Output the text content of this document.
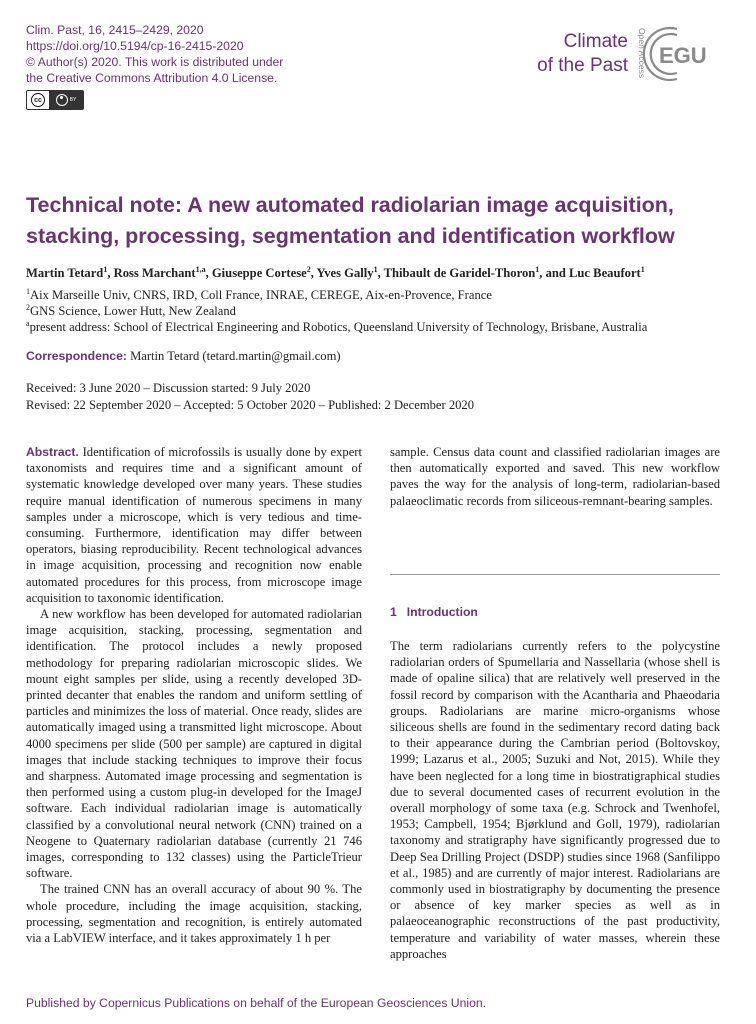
Clim. Past, 16, 2415–2429, 2020
https://doi.org/10.5194/cp-16-2415-2020
© Author(s) 2020. This work is distributed under
the Creative Commons Attribution 4.0 License.
cc	BY
Climate
of the Past Open Access EGU
Technical note: A new automated radiolarian image acquisition,
stacking, processing, segmentation and identification workflow
Martin Tetard$^1$, Ross Marchant$^{1,a}$, Giuseppe Cortese$^2$, Yves Gally$^1$, Thibault de Garidel-Thoron$^1$, and Luc Beaufort$^1$
$^1$Aix Marseille Univ, CNRS, IRD, Coll France, INRAE, CEREGE, Aix-en-Provence, France
$^2$GNS Science, Lower Hutt, New Zealand
$^a$present address: School of Electrical Engineering and Robotics, Queensland University of Technology, Brisbane, Australia
Correspondence: Martin Tetard (tetard.martin@gmail.com)
Received: 3 June 2020 – Discussion started: 9 July 2020
Revised: 22 September 2020 – Accepted: 5 October 2020 – Published: 2 December 2020

Abstract. Identification of microfossils is usually done by expert taxonomists and requires time and a significant amount of systematic knowledge developed over many years. These studies require manual identification of numerous specimens in many samples under a microscope, which is very tedious and time-consuming. Furthermore, identification may differ between operators, biasing reproducibility. Recent technological advances in image acquisition, processing and recognition now enable automated procedures for this process, from microscope image acquisition to taxonomic identification.

A new workflow has been developed for automated radiolarian image acquisition, stacking, processing, segmentation and identification. The protocol includes a newly proposed methodology for preparing radiolarian microscopic slides. We mount eight samples per slide, using a recently developed 3D-printed decanter that enables the random and uniform settling of particles and minimizes the loss of material. Once ready, slides are automatically imaged using a transmitted light microscope. About 4000 specimens per slide (500 per sample) are captured in digital images that include stacking techniques to improve their focus and sharpness. Automated image processing and segmentation is then performed using a custom plug-in developed for the ImageJ software. Each individual radiolarian image is automatically classified by a convolutional neural network (CNN) trained on a Neogene to Quaternary radiolarian database (currently 21 746 images, corresponding to 132 classes) using the ParticleTrieur software.

The trained CNN has an overall accuracy of about 90 %. The whole procedure, including the image acquisition, stacking, processing, segmentation and recognition, is entirely automated via a LabVIEW interface, and it takes approximately 1 h per

sample. Census data count and classified radiolarian images are then automatically exported and saved. This new workflow paves the way for the analysis of long-term, radiolarian-based palaeoclimatic records from siliceous-remnant-bearing samples.

1 Introduction

The term radiolarians currently refers to the polycystine radiolarian orders of Spumellaria and Nassellaria (whose shell is made of opaline silica) that are relatively well preserved in the fossil record by comparison with the Acantharia and Phaeodaria groups. Radiolarians are marine micro-organisms whose siliceous shells are found in the sedimentary record dating back to their appearance during the Cambrian period (Boltovskoy, 1999; Lazarus et al., 2005; Suzuki and Not, 2015). While they have been neglected for a long time in biostratigraphical studies due to several documented cases of recurrent evolution in the overall morphology of some taxa (e.g. Schrock and Twenhofel, 1953; Campbell, 1954; Bjørklund and Goll, 1979), radiolarian taxonomy and stratigraphy have significantly progressed due to Deep Sea Drilling Project (DSDP) studies since 1968 (Sanfilippo et al., 1985) and are currently of major interest. Radiolarians are commonly used in biostratigraphy by documenting the presence or absence of key marker species as well as in palaeoceanographic reconstructions of the past productivity, temperature and variability of water masses, wherein these approaches

Published by Copernicus Publications on behalf of the European Geosciences Union.
